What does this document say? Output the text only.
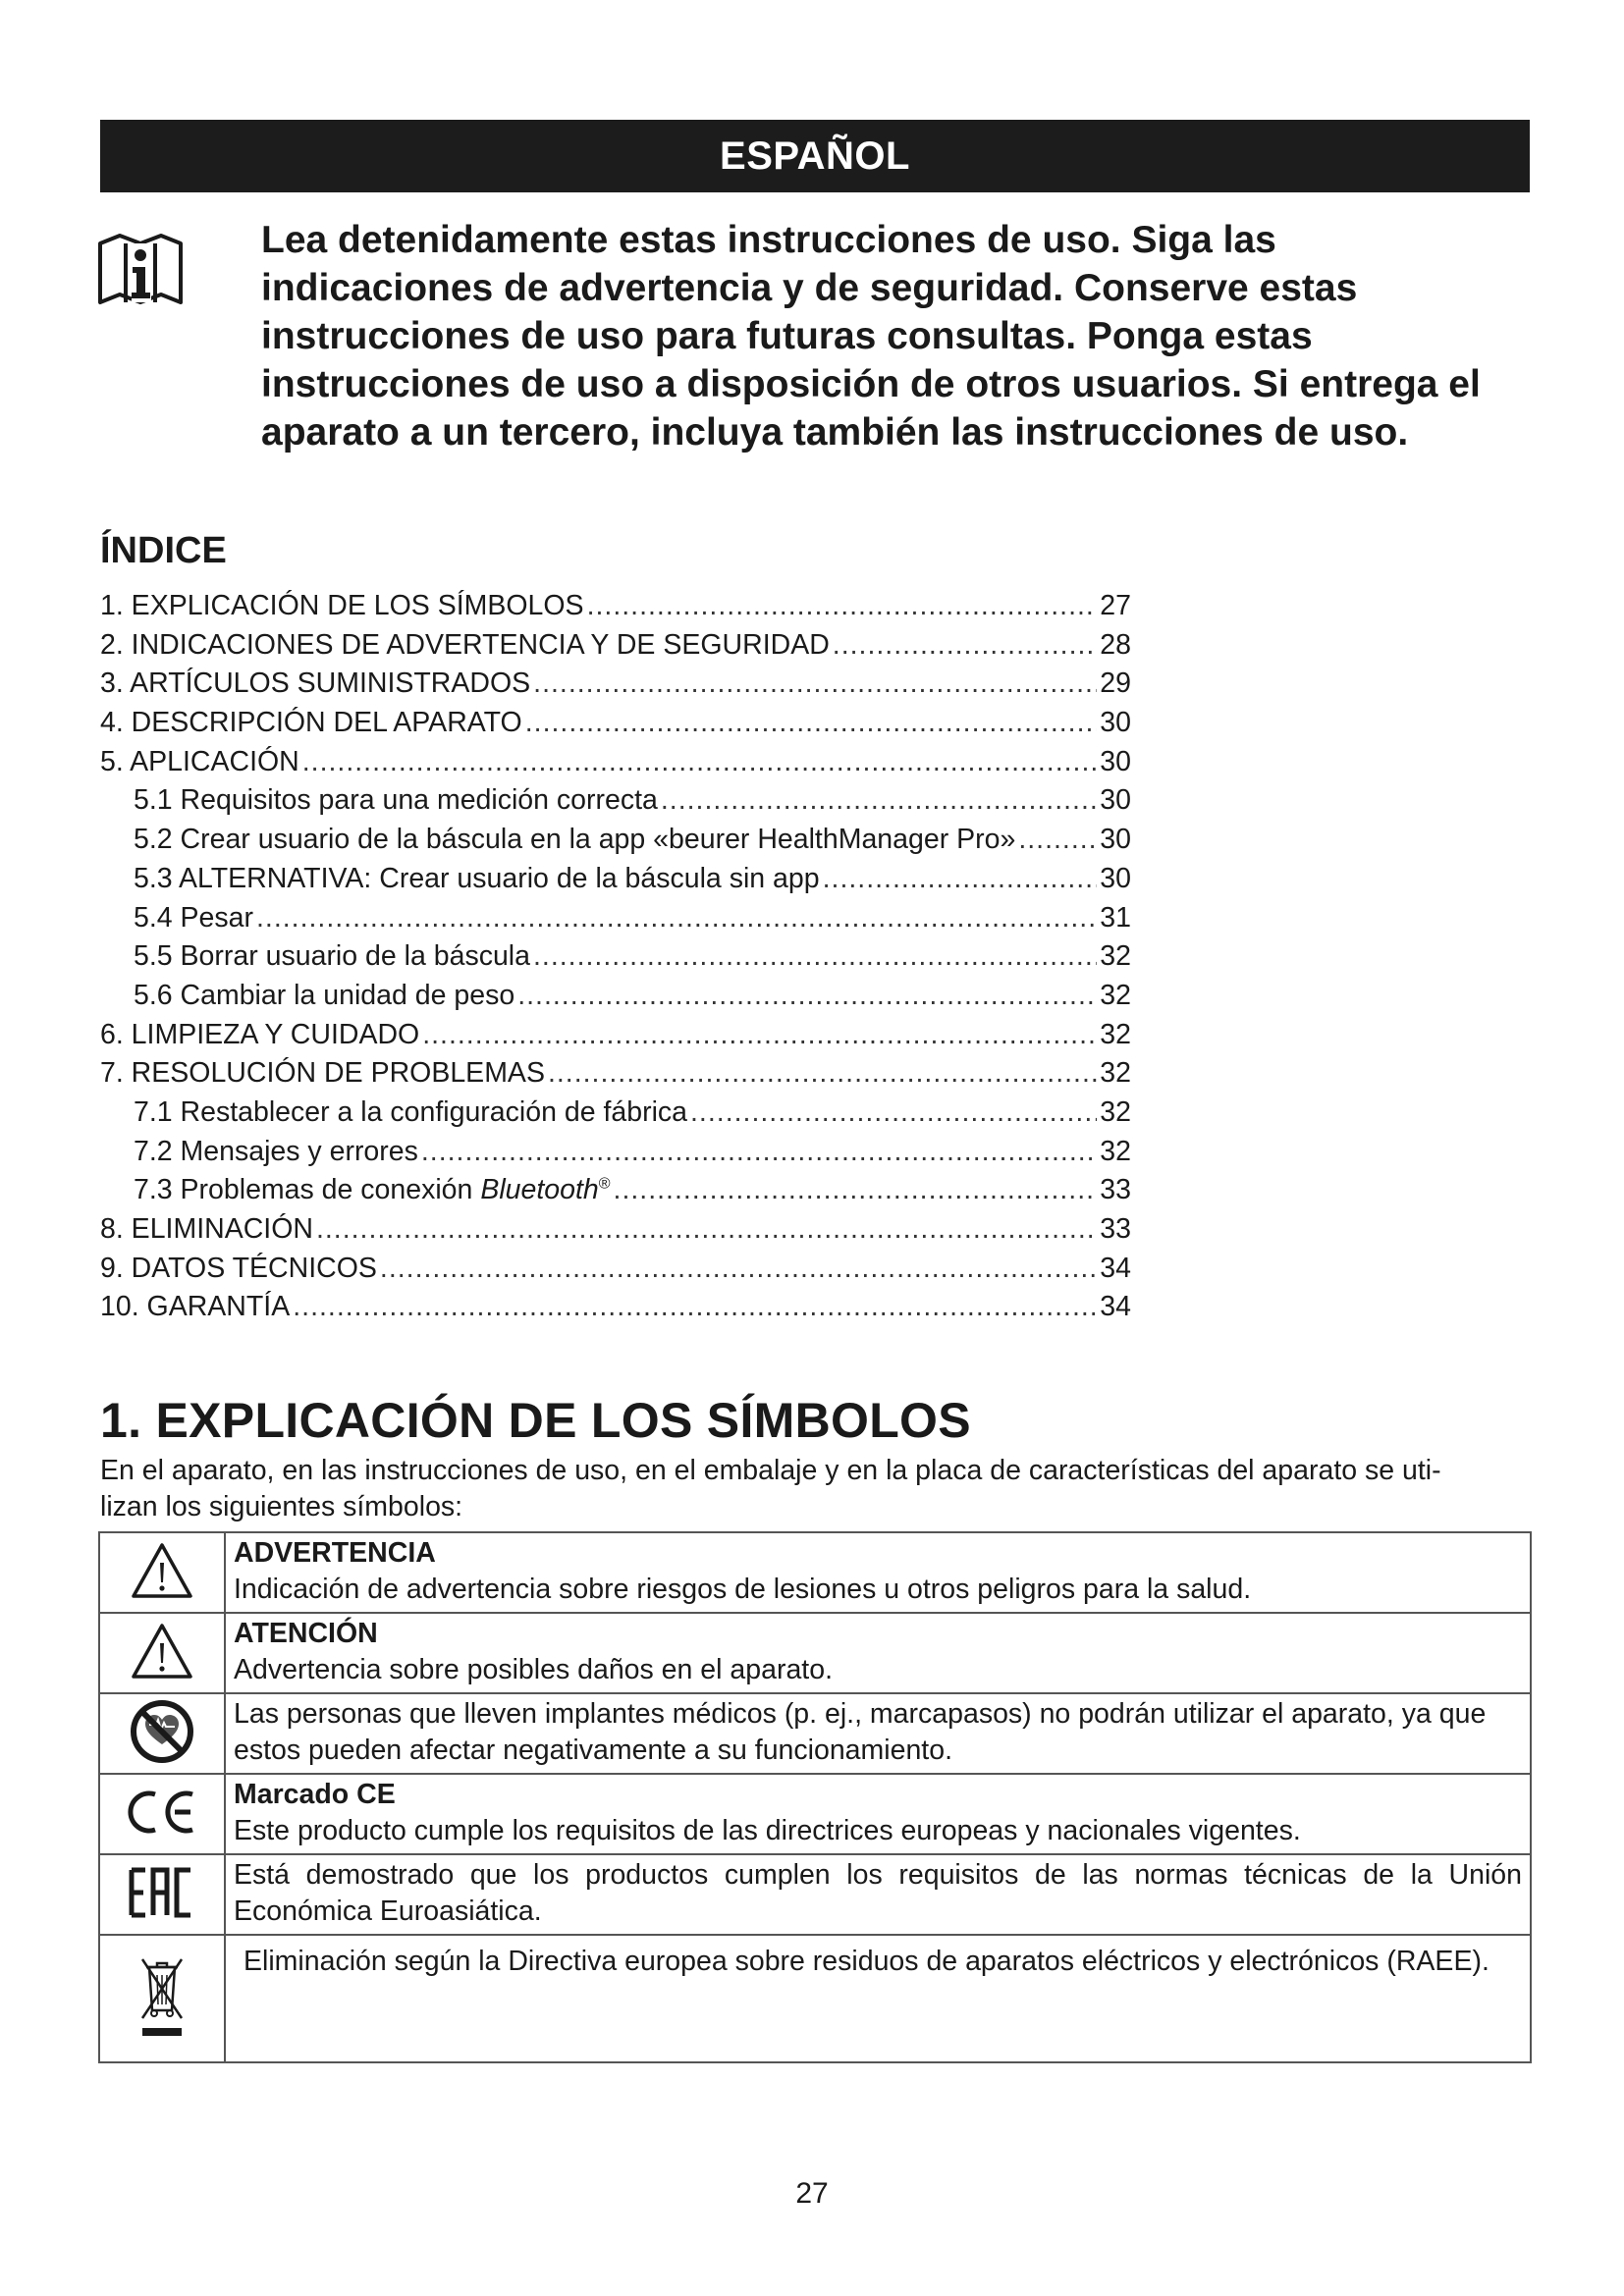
ESPAÑOL
Lea detenidamente estas instrucciones de uso. Siga las
indicaciones de advertencia y de seguridad. Conserve estas
instrucciones de uso para futuras consultas. Ponga estas
instrucciones de uso a disposición de otros usuarios. Si entrega el
aparato a un tercero, incluya también las instrucciones de uso.
ÍNDICE
1. EXPLICACIÓN DE LOS SÍMBOLOS .....	27
2. INDICACIONES DE ADVERTENCIA Y DE SEGURIDAD .....	28
3. ARTÍCULOS SUMINISTRADOS .....	29
4. DESCRIPCIÓN DEL APARATO .....	30
5. APLICACIÓN .....	30
5.1 Requisitos para una medición correcta .....	30
5.2 Crear usuario de la báscula en la app «beurer HealthManager Pro» .....	30
5.3 ALTERNATIVA: Crear usuario de la báscula sin app .....	30
5.4 Pesar .....	31
5.5 Borrar usuario de la báscula .....	32
5.6 Cambiar la unidad de peso .....	32
6. LIMPIEZA Y CUIDADO .....	32
7. RESOLUCIÓN DE PROBLEMAS .....	32
7.1 Restablecer a la configuración de fábrica .....	32
7.2 Mensajes y errores .....	32
7.3 Problemas de conexión Bluetooth® .....	33
8. ELIMINACIÓN .....	33
9. DATOS TÉCNICOS .....	34
10. GARANTÍA .....	34
1. EXPLICACIÓN DE LOS SÍMBOLOS
En el aparato, en las instrucciones de uso, en el embalaje y en la placa de características del aparato se uti-
lizan los siguientes símbolos:

ADVERTENCIA
Indicación de advertencia sobre riesgos de lesiones u otros peligros para la salud.

ATENCIÓN
Advertencia sobre posibles daños en el aparato.

	Las personas que lleven implantes médicos (p. ej., marcapasos) no podrán utilizar el aparato, ya que estos pueden afectar negativamente a su funcionamiento.

Marcado CE
Este producto cumple los requisitos de las directrices europeas y nacionales vigentes.

	Está demostrado que los productos cumplen los requisitos de las normas técnicas de la Unión Económica Euroasiática.
	Eliminación según la Directiva europea sobre residuos de aparatos eléctricos y electrónicos (RAEE).
27
